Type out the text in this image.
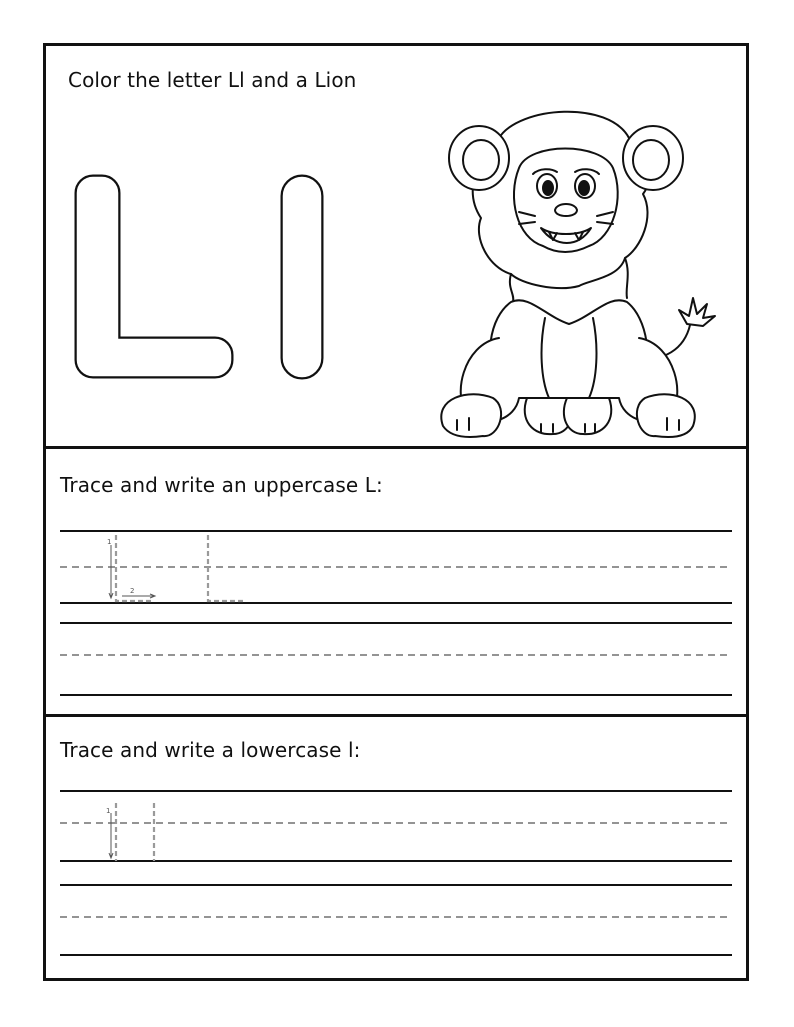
Color the letter Ll and a Lion
Trace and write an uppercase L:
1
2
Trace and write a lowercase l:
1
